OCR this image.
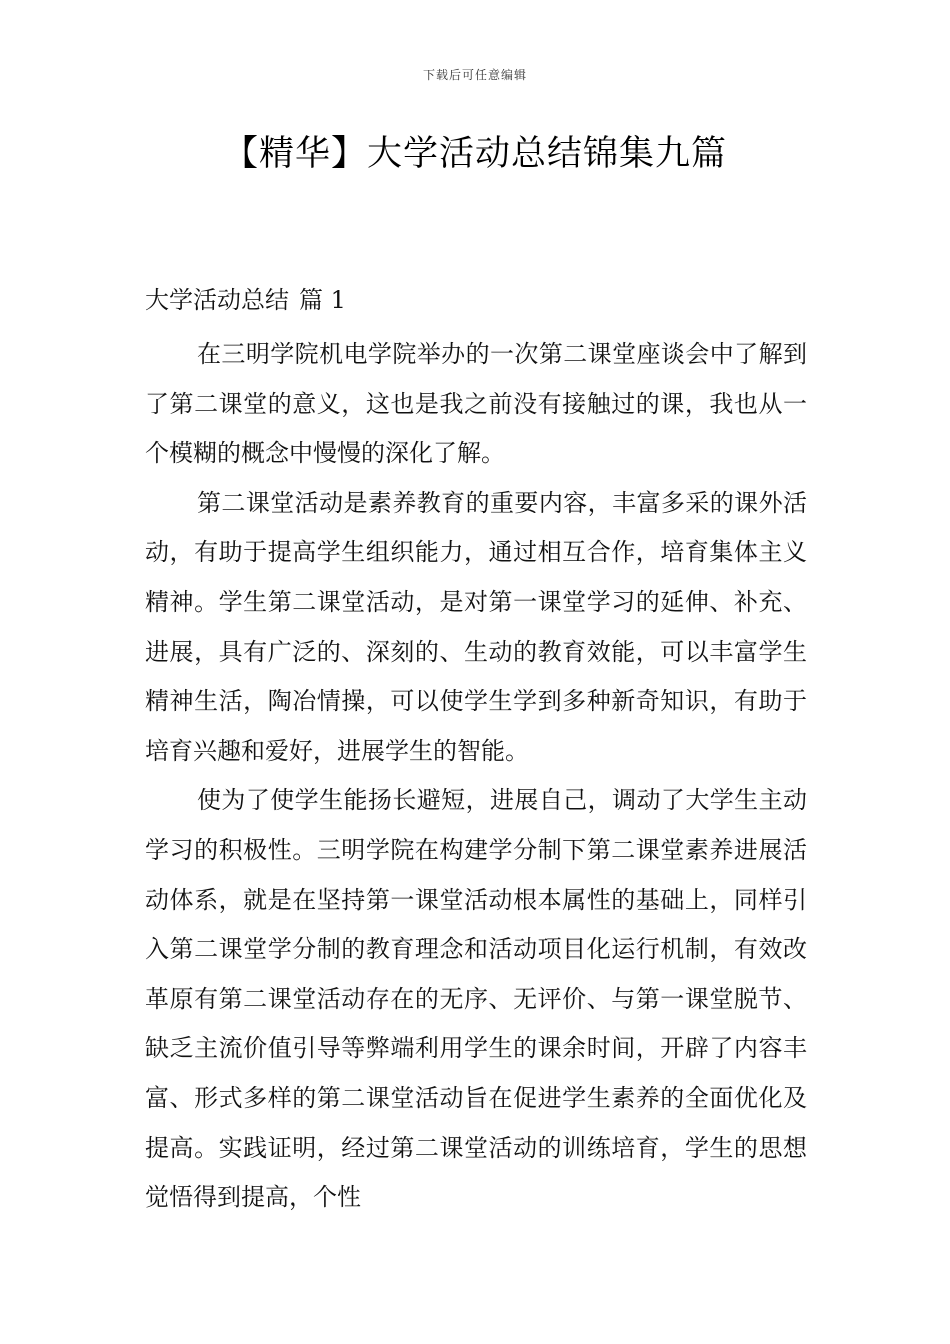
下载后可任意编辑
【精华】大学活动总结锦集九篇
大学活动总结 篇 1

在三明学院机电学院举办的一次第二课堂座谈会中了解到了第二课堂的意义，这也是我之前没有接触过的课，我也从一个模糊的概念中慢慢的深化了解。

第二课堂活动是素养教育的重要内容，丰富多采的课外活动，有助于提高学生组织能力，通过相互合作，培育集体主义精神。学生第二课堂活动，是对第一课堂学习的延伸、补充、进展，具有广泛的、深刻的、生动的教育效能，可以丰富学生精神生活，陶冶情操，可以使学生学到多种新奇知识，有助于培育兴趣和爱好，进展学生的智能。

使为了使学生能扬长避短，进展自己，调动了大学生主动学习的积极性。三明学院在构建学分制下第二课堂素养进展活动体系，就是在坚持第一课堂活动根本属性的基础上，同样引入第二课堂学分制的教育理念和活动项目化运行机制，有效改革原有第二课堂活动存在的无序、无评价、与第一课堂脱节、缺乏主流价值引导等弊端利用学生的课余时间，开辟了内容丰富、形式多样的第二课堂活动旨在促进学生素养的全面优化及提高。实践证明，经过第二课堂活动的训练培育，学生的思想觉悟得到提高，个性
